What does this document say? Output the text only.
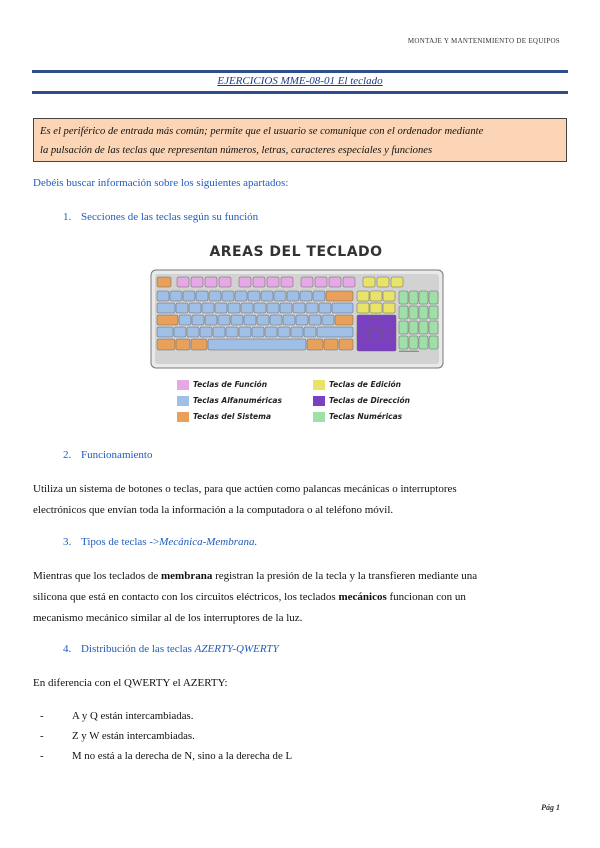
MONTAJE Y MANTENIMIENTO DE EQUIPOS
EJERCICIOS MME-08-01 El teclado
Es el periférico de entrada más común; permite que el usuario se comunique con el ordenador mediante
la pulsación de las teclas que representan números, letras, caracteres especiales y funciones
Debéis buscar información sobre los siguientes apartados:
1. Secciones de las teclas según su función
AREAS DEL TECLADO
Teclas de Función	Teclas de Edición
Teclas Alfanuméricas	Teclas de Dirección
Teclas del Sistema	Teclas Numéricas
2. Funcionamiento
Utiliza un sistema de botones o teclas, para que actúen como palancas mecánicas o interruptores
electrónicos que envían toda la información a la computadora o al teléfono móvil.
3. Tipos de teclas ->Mecánica-Membrana.
Mientras que los teclados de membrana registran la presión de la tecla y la transfieren mediante una
silicona que está en contacto con los circuitos eléctricos, los teclados mecánicos funcionan con un
mecanismo mecánico similar al de los interruptores de la luz.
4. Distribución de las teclas AZERTY-QWERTY
En diferencia con el QWERTY el AZERTY:
-	A y Q están intercambiadas.
-	Z y W están intercambiadas.
-	M no está a la derecha de N, sino a la derecha de L
Pág 1
